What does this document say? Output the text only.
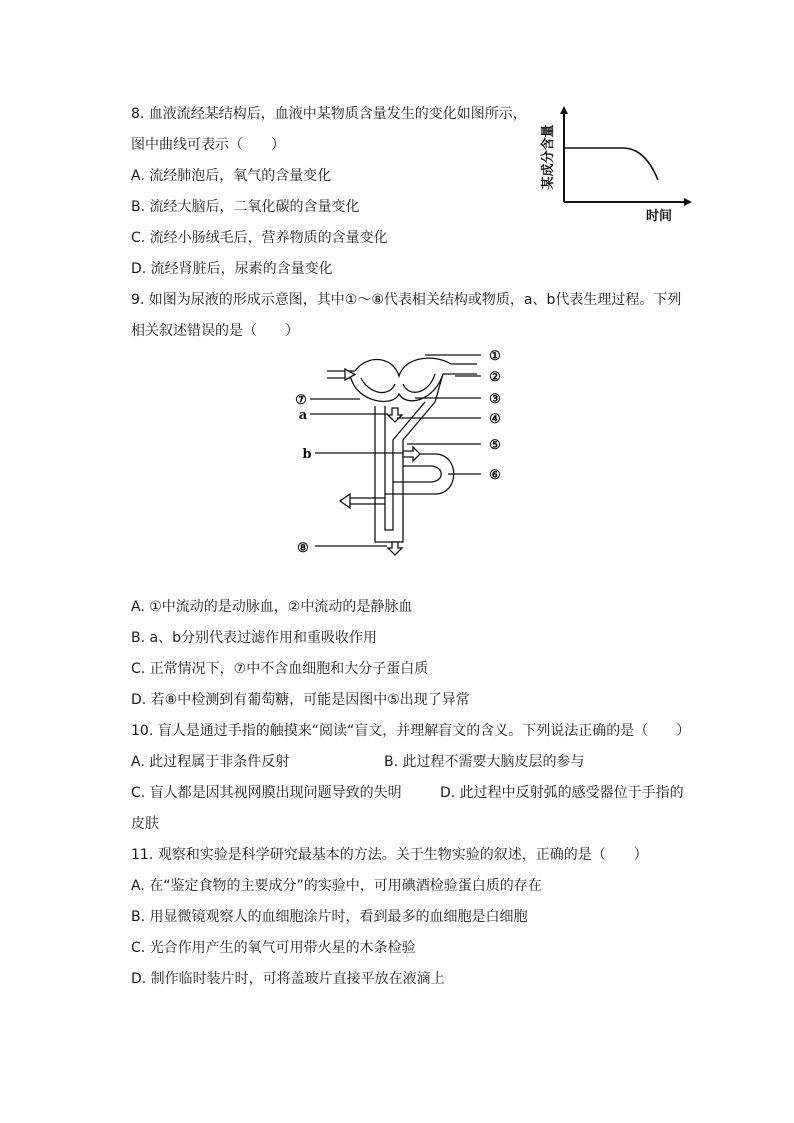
8. 血液流经某结构后，血液中某物质含量发生的变化如图所示，
图中曲线可表示（　　）
A. 流经肺泡后，氧气的含量变化
B. 流经大脑后，二氧化碳的含量变化
C. 流经小肠绒毛后，营养物质的含量变化
D. 流经肾脏后，尿素的含量变化
某成分含量
时间
9. 如图为尿液的形成示意图，其中①～⑧代表相关结构或物质，a、b代表生理过程。下列
相关叙述错误的是（　　）
①
②
③
④
⑤
⑥
⑦
a
b
⑧
A. ①中流动的是动脉血，②中流动的是静脉血
B. a、b分别代表过滤作用和重吸收作用
C. 正常情况下，⑦中不含血细胞和大分子蛋白质
D. 若⑧中检测到有葡萄糖，可能是因图中⑤出现了异常
10. 盲人是通过手指的触摸来“阅读“盲文，并理解盲文的含义。下列说法正确的是（　　）
A. 此过程属于非条件反射	B. 此过程不需要大脑皮层的参与
C. 盲人都是因其视网膜出现问题导致的失明	D. 此过程中反射弧的感受器位于手指的
皮肤
11. 观察和实验是科学研究最基本的方法。关于生物实验的叙述，正确的是（　　）
A. 在“鉴定食物的主要成分”的实验中，可用碘酒检验蛋白质的存在
B. 用显微镜观察人的血细胞涂片时，看到最多的血细胞是白细胞
C. 光合作用产生的氧气可用带火星的木条检验
D. 制作临时装片时，可将盖玻片直接平放在液滴上
